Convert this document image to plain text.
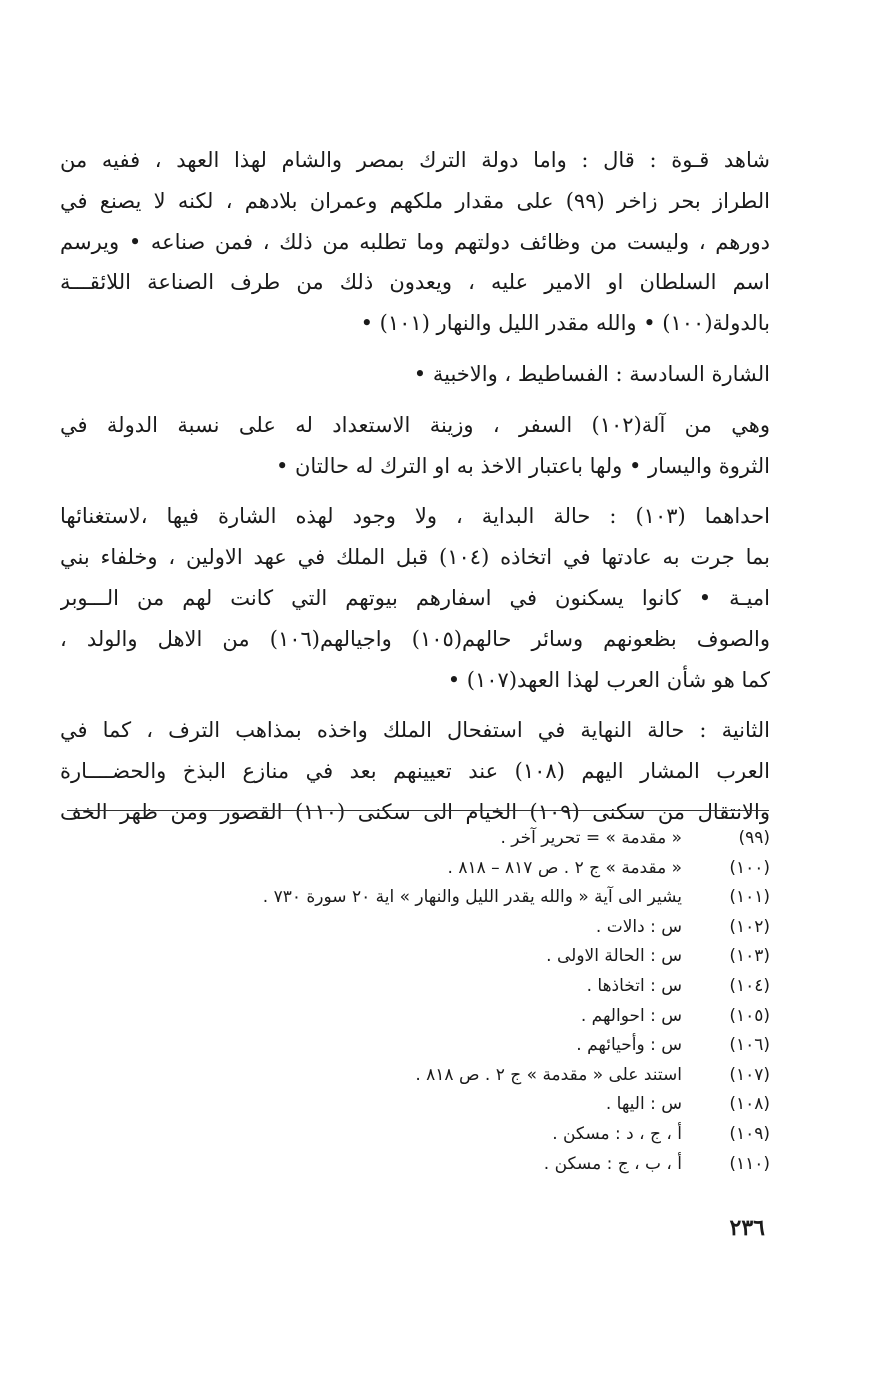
شاهد قـوة : قال : واما دولة الترك بمصر والشام لهذا العهد ، ففيه من
الطراز بحر زاخر (٩٩) على مقدار ملكهم وعمران بلادهم ، لكنه لا يصنع في
دورهم ، وليست من وظائف دولتهم وما تطلبه من ذلك ، فمن صناعه • ويرسم
اسم السلطان او الامير عليه ، ويعدون ذلك من طرف الصناعة اللائقـــة
بالدولة(١٠٠) • والله مقدر الليل والنهار (١٠١) •

الشارة السادسة : الفساطيط ، والاخبية •

وهي من آلة(١٠٢) السفر ، وزينة الاستعداد له على نسبة الدولة في
الثروة واليسار • ولها باعتبار الاخذ به او الترك له حالتان •

احداهما (١٠٣) : حالة البداية ، ولا وجود لهذه الشارة فيها ،لاستغنائها
بما جرت به عادتها في اتخاذه (١٠٤) قبل الملك في عهد الاولين ، وخلفاء بني
اميـة • كانوا يسكنون في اسفارهم بيوتهم التي كانت لهم من الـــوبر
والصوف بظعونهم وسائر حالهم(١٠٥) واجيالهم(١٠٦) من الاهل والولد ،
كما هو شأن العرب لهذا العهد(١٠٧) •

الثانية : حالة النهاية في استفحال الملك واخذه بمذاهب الترف ، كما في
العرب المشار اليهم (١٠٨) عند تعيينهم بعد في منازع البذخ والحضــــارة
والانتقال من سكنى (١٠٩) الخيام الى سكنى (١١٠) القصور ومن ظهر الخف

(٩٩)
« مقدمة » = تحرير آخر .
(١٠٠)
« مقدمة » ج ٢ . ص ٨١٧ – ٨١٨ .
(١٠١)
يشير الى آية « والله يقدر الليل والنهار » اية ٢٠ سورة ٧٣٠ .
(١٠٢)
س : دالات .
(١٠٣)
س : الحالة الاولى .
(١٠٤)
س : اتخاذها .
(١٠٥)
س : احوالهم .
(١٠٦)
س : وأحيائهم .
(١٠٧)
استند على « مقدمة » ج ٢ . ص ٨١٨ .
(١٠٨)
س : اليها .
(١٠٩)
أ ، ج ، د : مسكن .
(١١٠)
أ ، ب ، ج : مسكن .
٢٣٦
